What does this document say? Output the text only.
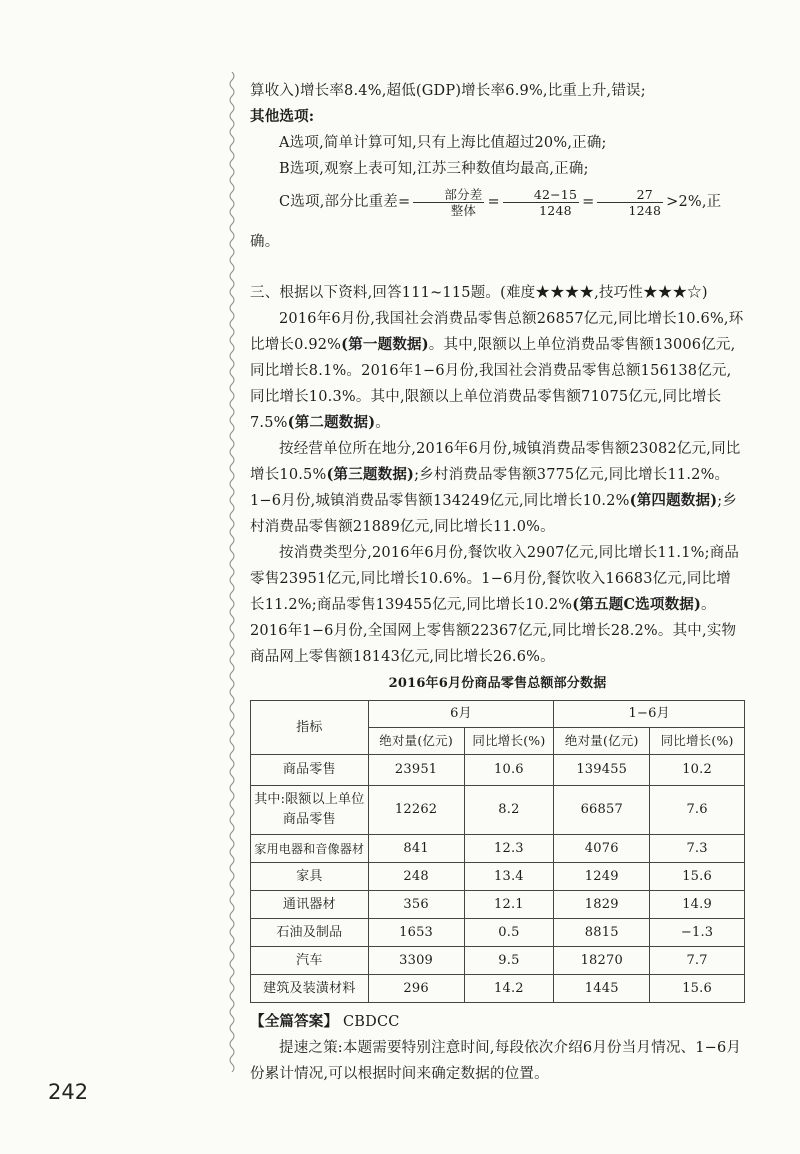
算收入)增长率8.4%,超低(GDP)增长率6.9%,比重上升,错误;

其他选项:

A选项,简单计算可知,只有上海比值超过20%,正确;

B选项,观察上表可知,江苏三种数值均最高,正确;

C选项,部分比重差= $\frac{\text{部分差}}{\text{整体}} = \frac{42-15}{1248} = \frac{27}{1248} >2\%$,正确。

三、根据以下资料,回答111~115题。(难度★★★★,技巧性★★★☆)

2016年6月份,我国社会消费品零售总额26857亿元,同比增长10.6%,环比增长0.92%(第一题数据)。其中,限额以上单位消费品零售额13006亿元,同比增长8.1%。2016年1−6月份,我国社会消费品零售总额156138亿元,同比增长10.3%。其中,限额以上单位消费品零售额71075亿元,同比增长7.5%(第二题数据)。

按经营单位所在地分,2016年6月份,城镇消费品零售额23082亿元,同比增长10.5%(第三题数据);乡村消费品零售额3775亿元,同比增长11.2%。1−6月份,城镇消费品零售额134249亿元,同比增长10.2%(第四题数据);乡村消费品零售额21889亿元,同比增长11.0%。

按消费类型分,2016年6月份,餐饮收入2907亿元,同比增长11.1%;商品零售23951亿元,同比增长10.6%。1−6月份,餐饮收入16683亿元,同比增长11.2%;商品零售139455亿元,同比增长10.2%(第五题C选项数据)。2016年1−6月份,全国网上零售额22367亿元,同比增长28.2%。其中,实物商品网上零售额18143亿元,同比增长26.6%。

2016年6月份商品零售总额部分数据

指标	6月		1−6月	
	绝对量(亿元)	同比增长(%)	绝对量(亿元)	同比增长(%)
商品零售	23951	10.6	139455	10.2
其中:限额以上单位商品零售	12262	8.2	66857	7.6
家用电器和音像器材	841	12.3	4076	7.3
家具	248	13.4	1249	15.6
通讯器材	356	12.1	1829	14.9
石油及制品	1653	0.5	8815	−1.3
汽车	3309	9.5	18270	7.7
建筑及装潢材料	296	14.2	1445	15.6

【全篇答案】 CBDCC

提速之策:本题需要特别注意时间,每段依次介绍6月份当月情况、1−6月份累计情况,可以根据时间来确定数据的位置。

242
